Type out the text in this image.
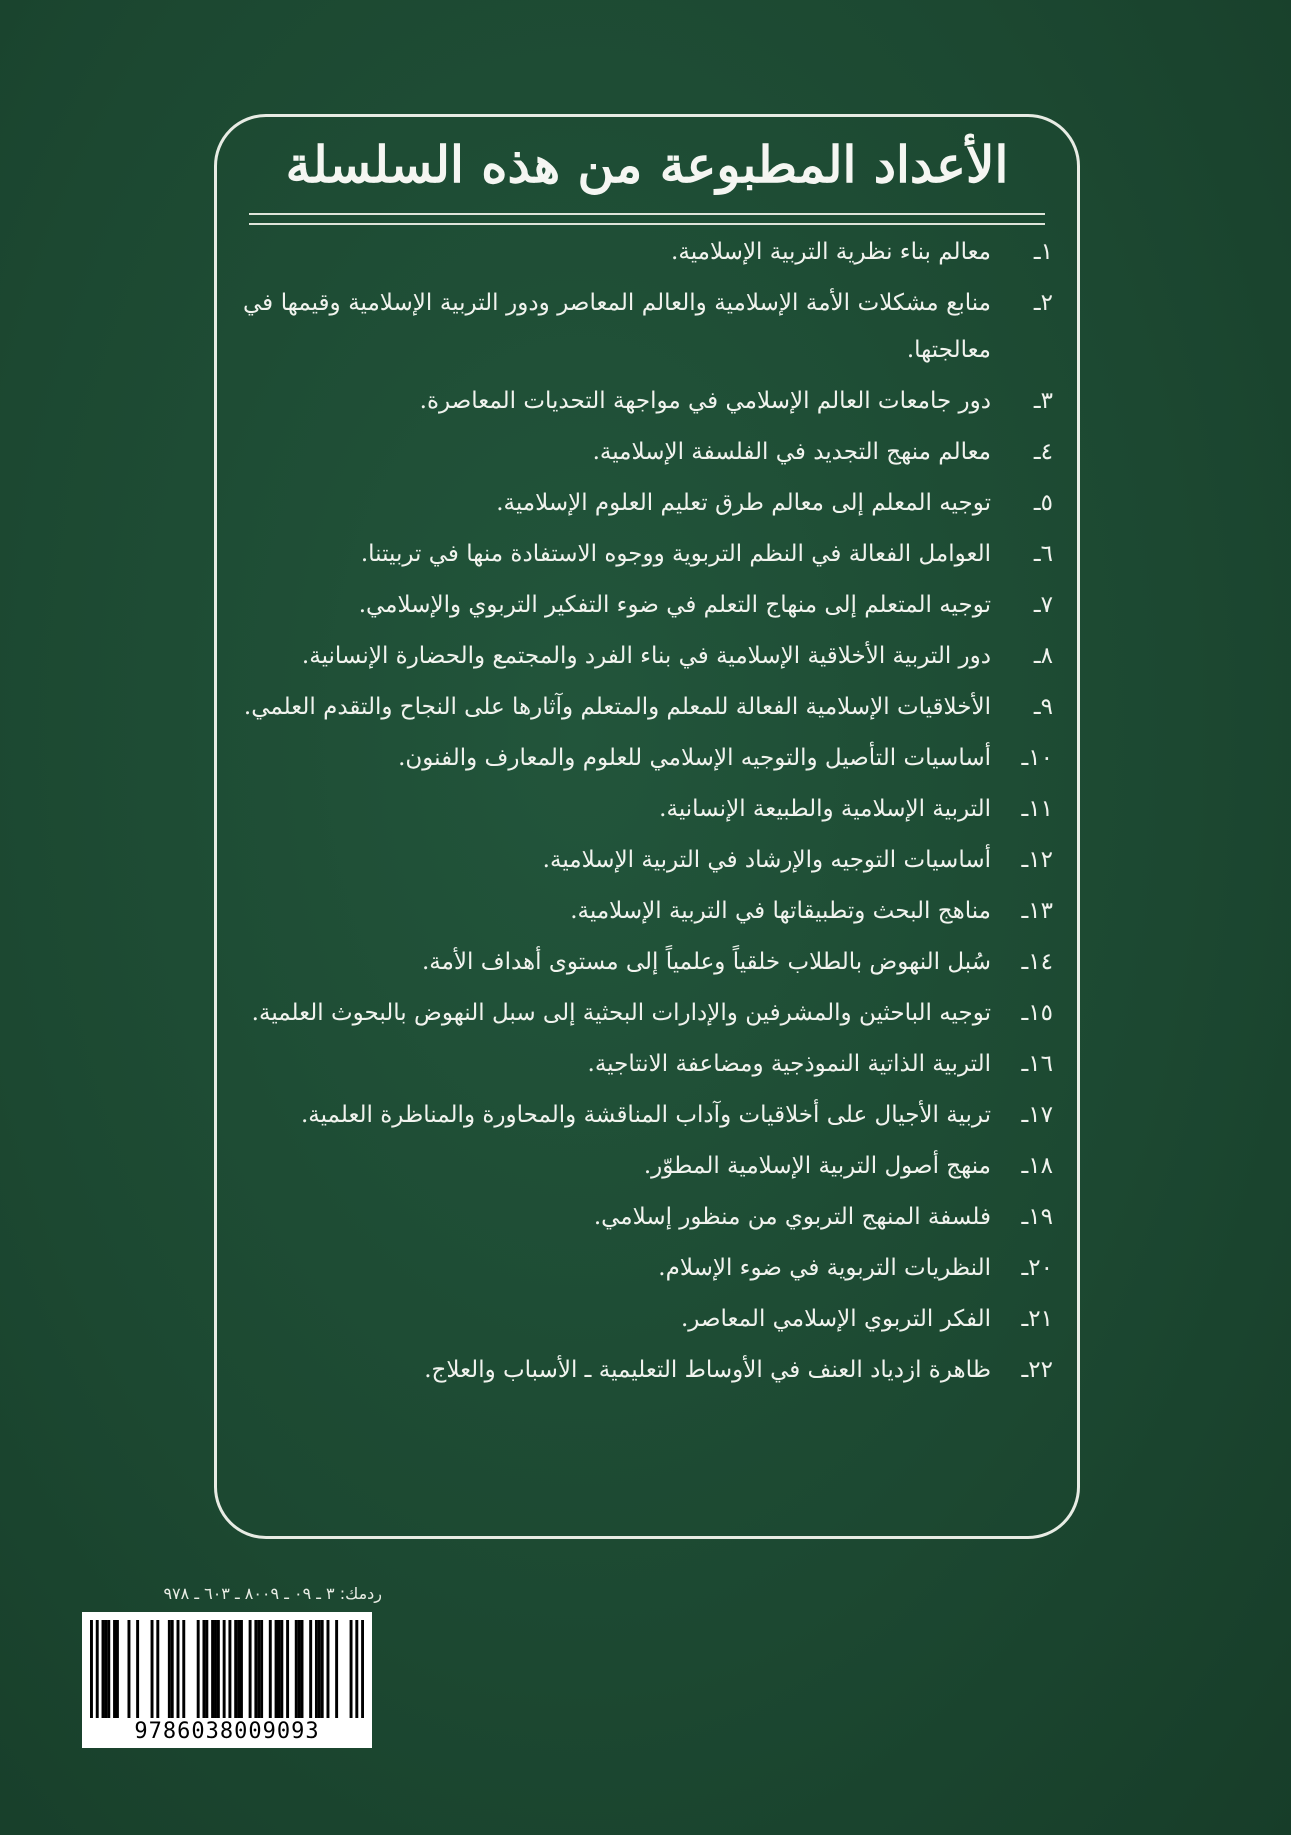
الأعداد المطبوعة من هذه السلسلة
١ـ
معالم بناء نظرية التربية الإسلامية.
٢ـ
منابع مشكلات الأمة الإسلامية والعالم المعاصر ودور التربية الإسلامية وقيمها في معالجتها.
٣ـ
دور جامعات العالم الإسلامي في مواجهة التحديات المعاصرة.
٤ـ
معالم منهج التجديد في الفلسفة الإسلامية.
٥ـ
توجيه المعلم إلى معالم طرق تعليم العلوم الإسلامية.
٦ـ
العوامل الفعالة في النظم التربوية ووجوه الاستفادة منها في تربيتنا.
٧ـ
توجيه المتعلم إلى منهاج التعلم في ضوء التفكير التربوي والإسلامي.
٨ـ
دور التربية الأخلاقية الإسلامية في بناء الفرد والمجتمع والحضارة الإنسانية.
٩ـ
الأخلاقيات الإسلامية الفعالة للمعلم والمتعلم وآثارها على النجاح والتقدم العلمي.
١٠ـ
أساسيات التأصيل والتوجيه الإسلامي للعلوم والمعارف والفنون.
١١ـ
التربية الإسلامية والطبيعة الإنسانية.
١٢ـ
أساسيات التوجيه والإرشاد في التربية الإسلامية.
١٣ـ
مناهج البحث وتطبيقاتها في التربية الإسلامية.
١٤ـ
سُبل النهوض بالطلاب خلقياً وعلمياً إلى مستوى أهداف الأمة.
١٥ـ
توجيه الباحثين والمشرفين والإدارات البحثية إلى سبل النهوض بالبحوث العلمية.
١٦ـ
التربية الذاتية النموذجية ومضاعفة الانتاجية.
١٧ـ
تربية الأجيال على أخلاقيات وآداب المناقشة والمحاورة والمناظرة العلمية.
١٨ـ
منهج أصول التربية الإسلامية المطوّر.
١٩ـ
فلسفة المنهج التربوي من منظور إسلامي.
٢٠ـ
النظريات التربوية في ضوء الإسلام.
٢١ـ
الفكر التربوي الإسلامي المعاصر.
٢٢ـ
ظاهرة ازدياد العنف في الأوساط التعليمية ـ الأسباب والعلاج.
ردمك: ٣ ـ ٠٩ ـ ٨٠٠٩ ـ ٦٠٣ ـ ٩٧٨
9786038009093
